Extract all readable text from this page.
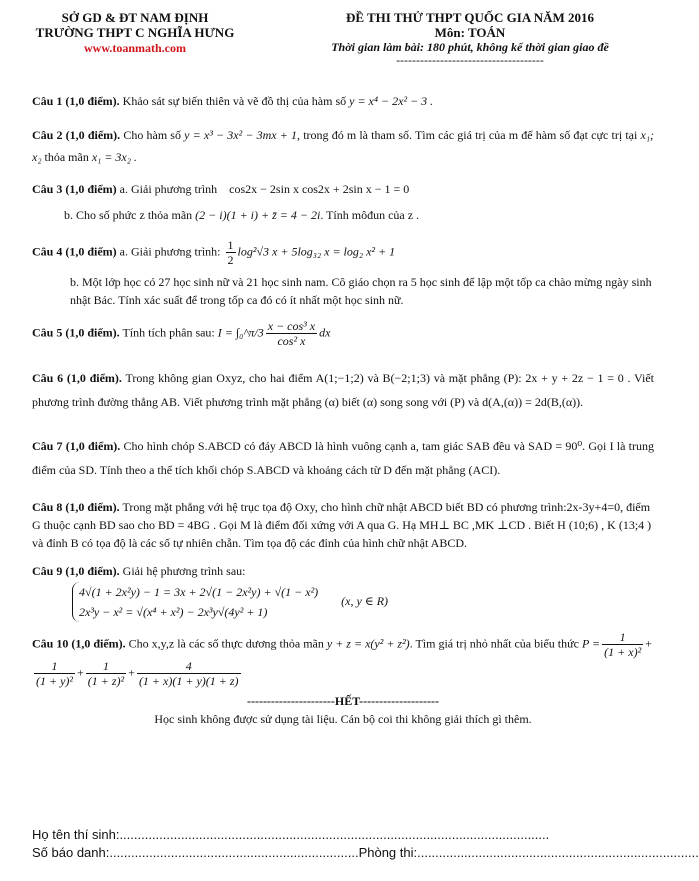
SỞ GD & ĐT NAM ĐỊNH
TRƯỜNG THPT C NGHĨA HƯNG
www.toanmath.com
ĐỀ THI THỬ THPT QUỐC GIA NĂM 2016
Môn: TOÁN
Thời gian làm bài: 180 phút, không kể thời gian giao đề
-------------------------------------

Câu 1 (1,0 điểm). Khảo sát sự biến thiên và vẽ đồ thị của hàm số y = x⁴ − 2x² − 3 .

Câu 2 (1,0 điểm). Cho hàm số y = x³ − 3x² − 3mx + 1, trong đó m là tham số. Tìm các giá trị của m để hàm số đạt cực trị tại x₁; x₂ thỏa mãn x₁ = 3x₂ .

Câu 3 (1,0 điểm) a. Giải phương trình    cos2x − 2sin x cos2x + 2sin x − 1 = 0

b. Cho số phức z thỏa mãn (2 − i)(1 + i) + z̄ = 4 − 2i. Tính môđun của z .

Câu 4 (1,0 điểm) a. Giải phương trình: $\frac{1}{2} \log^2√3$ x + 5log₃₂ x = log₂ x² + 1

b. Một lớp học có 27 học sinh nữ và 21 học sinh nam. Cô giáo chọn ra 5 học sinh để lập một tốp ca chào mừng ngày sinh nhật Bác. Tính xác suất để trong tốp ca đó có ít nhất một học sinh nữ.

Câu 5 (1,0 điểm). Tính tích phân sau: I = ∫₀^π/3 $\frac{\text{x − cos³ x}}{\text{cos² x}}$ dx

Câu 6 (1,0 điểm). Trong không gian Oxyz, cho hai điểm A(1;−1;2) và B(−2;1;3) và mặt phẳng (P): 2x + y + 2z − 1 = 0 . Viết phương trình đường thẳng AB. Viết phương trình mặt phẳng (α) biết (α) song song với (P) và d(A,(α)) = 2d(B,(α)).

Câu 7 (1,0 điểm). Cho hình chóp S.ABCD có đáy ABCD là hình vuông cạnh a, tam giác SAB đều và SAD = 90⁰. Gọi I là trung điểm của SD. Tính theo a thể tích khối chóp S.ABCD và khoảng cách từ D đến mặt phẳng (ACI).

Câu 8 (1,0 điểm). Trong mặt phẳng với hệ trục tọa độ Oxy, cho hình chữ nhật ABCD biết BD có phương trình:2x-3y+4=0, điểm G thuộc cạnh BD sao cho BD = 4BG . Gọi M là điểm đối xứng với A qua G. Hạ MH⊥ BC ,MK ⊥CD . Biết H (10;6) , K (13;4 ) và đỉnh B có tọa độ là các số tự nhiên chẵn. Tìm tọa độ các đỉnh của hình chữ nhật ABCD.

Câu 9 (1,0 điểm). Giải hệ phương trình sau:
4√(1 + 2x²y) − 1 = 3x + 2√(1 − 2x²y) + √(1 − x²)
2x³y − x² = √(x⁴ + x²) − 2x³y√(4y² + 1)
(x, y ∈ R)
Câu 10 (1,0 điểm). Cho x,y,z là các số thực dương thỏa mãn y + z = x(y² + z²). Tìm giá trị nhỏ nhất của biểu thức $P = \frac{1}{\text{(1 + x)²}}$ +
$\frac{1}{\text{(1 + y)²}} + \frac{1}{\text{(1 + z)²}} + \frac{4}{(1 + x)(1 + y)(1 + z)}$
----------------------HẾT--------------------
Học sinh không được sử dụng tài liệu. Cán bộ coi thi không giải thích gì thêm.
Họ tên thí sinh:.......................................................................................................................
Số báo danh:.....................................................................Phòng thi:..............................................................................
